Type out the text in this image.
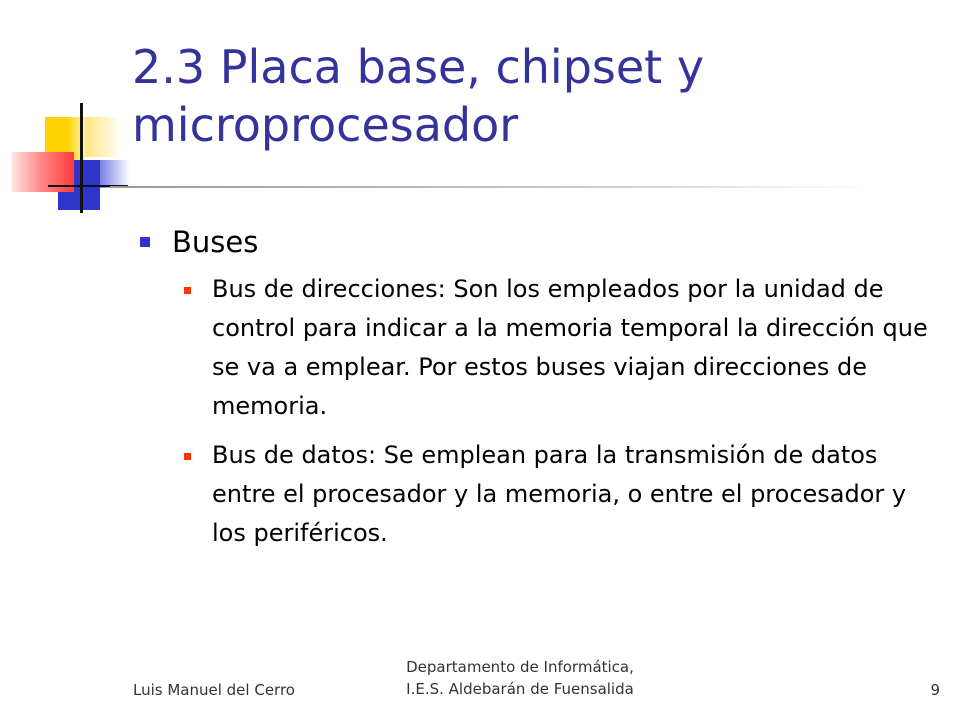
2.3 Placa base, chipset y microprocesador
Buses
Bus de direcciones: Son los empleados por la unidad de control para indicar a la memoria temporal la dirección que se va a emplear. Por estos buses viajan direcciones de memoria.
Bus de datos: Se emplean para la transmisión de datos entre el procesador y la memoria, o entre el procesador y los periféricos.
Luis Manuel del Cerro
Departamento de Informática,
I.E.S. Aldebarán de Fuensalida	9
